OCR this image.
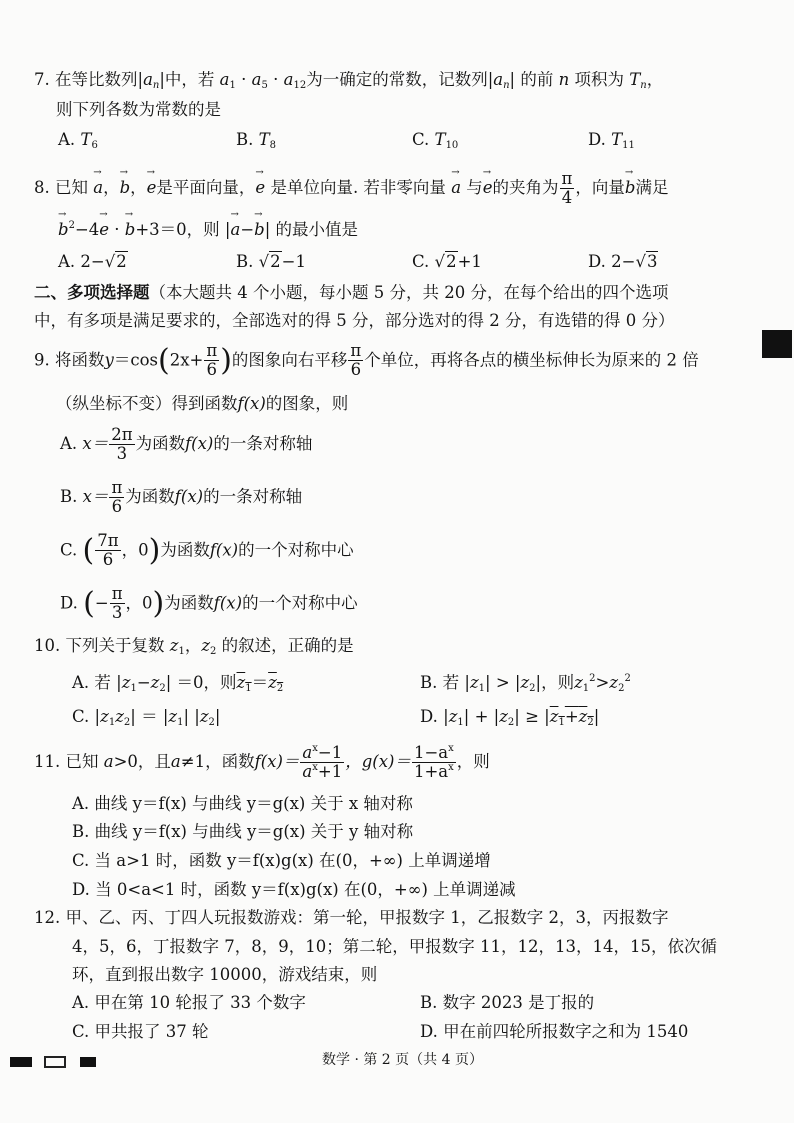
7. 在等比数列$|a_n|$中，若 $a_1 \cdot a_5 \cdot a_{12}$为一确定的常数，记数列$|a_n|$ 的前 n 项积为 $T_n$，
则下列各数为常数的是
A. $T_6$	B. $T_8$	C. $T_{10}$	D. $T_{11}$
8. 已知 → a，→ b，→ e是平面向量，→ e 是单位向量. 若非零向量 → a 与→ e的夹角为 $\frac{\pi}{4}$ ，向量→ b满足
→ $b^2-4\to e$ · → b+3＝0，则 |→ a−→ b| 的最小值是
A. 2−√2	B. √2−1	C. √2+1	D. 2−√3
二、多项选择题（本大题共 4 个小题，每小题 5 分，共 20 分，在每个给出的四个选项
中，有多项是满足要求的，全部选对的得 5 分，部分选对的得 2 分，有选错的得 0 分）
9. 将函数$y=\cos(2x+ \frac{\pi}{6}$ )的图象向右平移 $\frac{\pi}{6}$ 个单位，再将各点的横坐标伸长为原来的 2 倍
（纵坐标不变）得到函数f(x)的图象，则
A. $x= \frac{2\pi}{3}$ 为函数f(x)的一条对称轴
B. $x= \frac{\pi}{6}$ 为函数f(x)的一条对称轴
C. ( $\frac{7\pi}{6}$ ，0)为函数f(x)的一个对称中心
D. (− $\frac{\pi}{3}$ ，0)为函数f(x)的一个对称中心
10. 下列关于复数 $z_1$，$z_2$ 的叙述，正确的是
A. 若 $|z_1-z_2| =0$，则$z_1=z_2$	B. 若 $|z_1| > |z_2|$，则$z_1^2>z_2^2$
C. $|z_1z_2| = |z_1|$ $|z_2|$	D. $|z_1| + |z_2| \ge |z_1+z_2|$
11. 已知 a>0，且a≠1，函数$f(x)= \frac{a^x-1}{a^x+1}$ ，$g(x)= \frac{1-a^x}{1+a^x}$ ，则
A. 曲线 y＝f(x) 与曲线 y＝g(x) 关于 x 轴对称
B. 曲线 y＝f(x) 与曲线 y＝g(x) 关于 y 轴对称
C. 当 a>1 时，函数 y＝f(x)g(x) 在(0，+∞) 上单调递增
D. 当 0<a<1 时，函数 y＝f(x)g(x) 在(0，+∞) 上单调递减
12. 甲、乙、丙、丁四人玩报数游戏：第一轮，甲报数字 1，乙报数字 2，3，丙报数字
4，5，6，丁报数字 7，8，9，10；第二轮，甲报数字 11，12，13，14，15，依次循
环，直到报出数字 10000，游戏结束，则
A. 甲在第 10 轮报了 33 个数字	B. 数字 2023 是丁报的
C. 甲共报了 37 轮	D. 甲在前四轮所报数字之和为 1540
数学 · 第 2 页（共 4 页）
